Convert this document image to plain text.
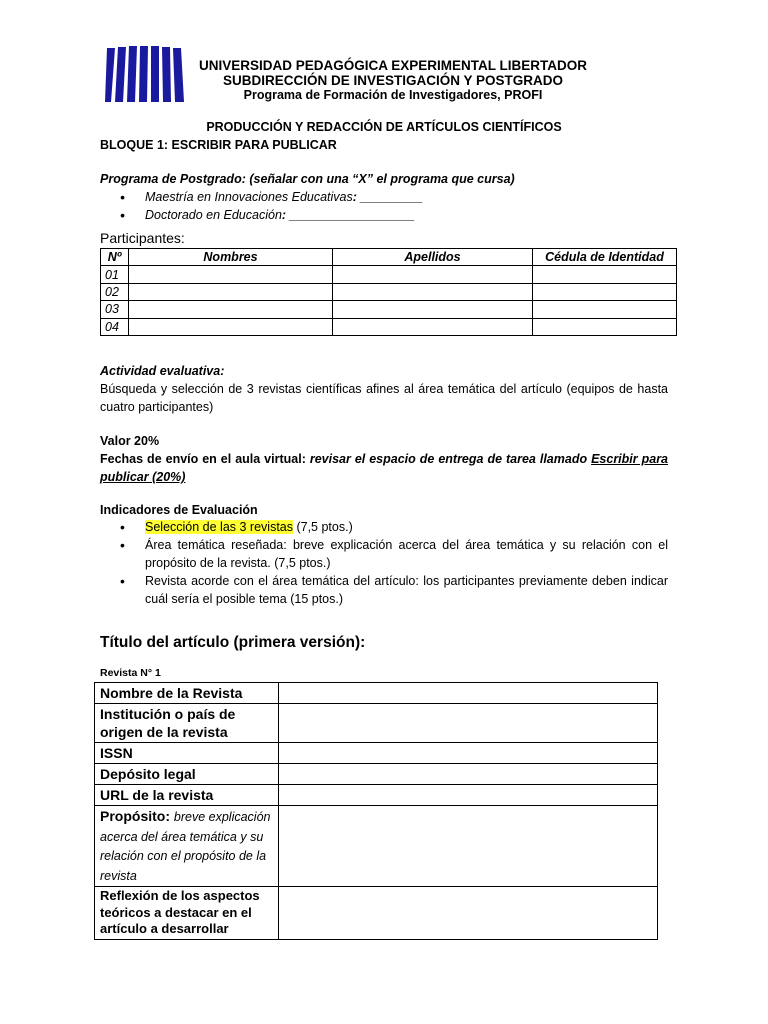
UNIVERSIDAD PEDAGÓGICA EXPERIMENTAL LIBERTADOR
SUBDIRECCIÓN DE INVESTIGACIÓN Y POSTGRADO
Programa de Formación de Investigadores, PROFI
PRODUCCIÓN Y REDACCIÓN DE ARTÍCULOS CIENTÍFICOS
BLOQUE 1: ESCRIBIR PARA PUBLICAR
Programa de Postgrado: (señalar con una “X” el programa que cursa)
• Maestría en Innovaciones Educativas: _________
• Doctorado en Educación: __________________
Participantes:
Nº	Nombres	Apellidos	Cédula de Identidad
01			
02			
03			
04			
Actividad evaluativa:
Búsqueda y selección de 3 revistas científicas afines al área temática del artículo (equipos de hasta cuatro participantes)
Valor 20%
Fechas de envío en el aula virtual: revisar el espacio de entrega de tarea llamado Escribir para publicar (20%)
Indicadores de Evaluación
• Selección de las 3 revistas (7,5 ptos.)
• Área temática reseñada: breve explicación acerca del área temática y su relación con el propósito de la revista. (7,5 ptos.)
• Revista acorde con el área temática del artículo: los participantes previamente deben indicar cuál sería el posible tema (15 ptos.)
Título del artículo (primera versión):
Revista N° 1
Nombre de la Revista	
Institución o país de origen de la revista	
ISSN	
Depósito legal	
URL de la revista	
Propósito: breve explicación acerca del área temática y su relación con el propósito de la revista	
Reflexión de los aspectos teóricos a destacar en el artículo a desarrollar	
